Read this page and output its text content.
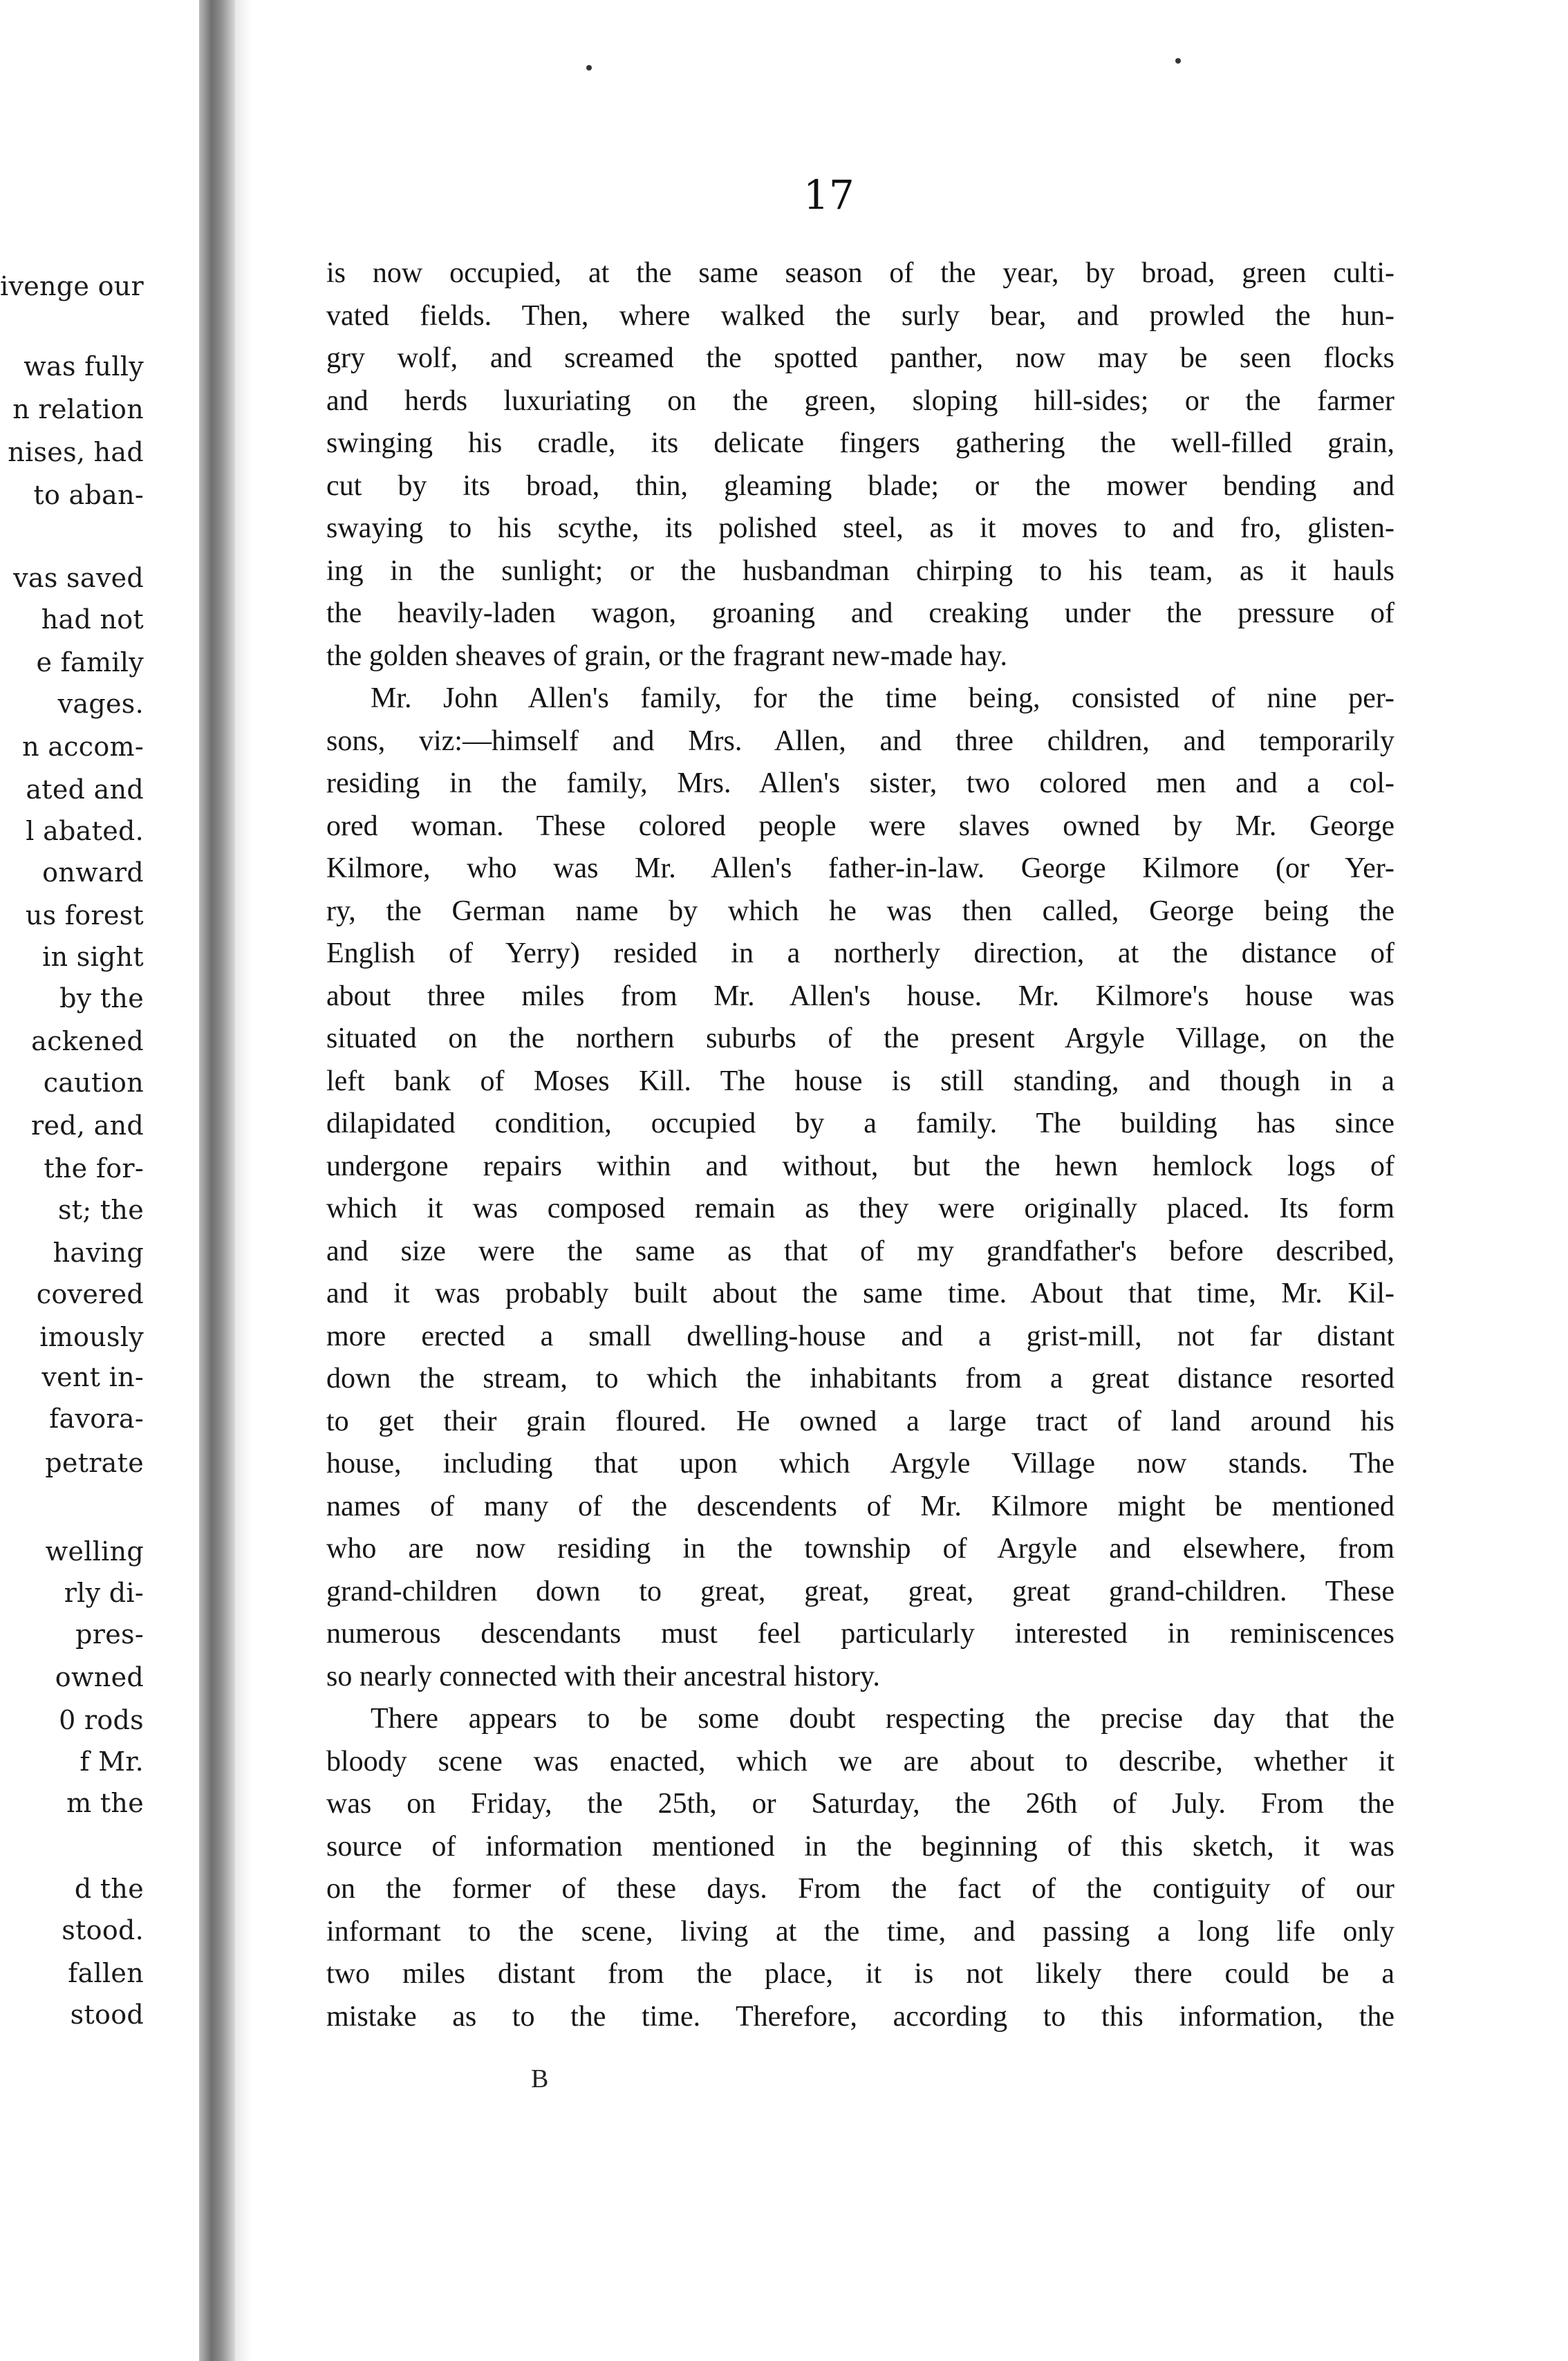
ivenge our
was fully
n relation
nises, had
to aban-
vas saved
had not
e family
vages.
n accom-
ated and
l abated.
onward
us forest
in sight
by the
ackened
caution
red, and
the for-
st; the
having
covered
imously
vent in-
favora-
petrate
welling
rly di-
pres-
owned
0 rods
f Mr.
m the
d the
stood.
fallen
stood
17
is now occupied, at the same season of the year, by broad, green culti-
vated fields. Then, where walked the surly bear, and prowled the hun-
gry wolf, and screamed the spotted panther, now may be seen flocks
and herds luxuriating on the green, sloping hill-sides; or the farmer
swinging his cradle, its delicate fingers gathering the well-filled grain,
cut by its broad, thin, gleaming blade; or the mower bending and
swaying to his scythe, its polished steel, as it moves to and fro, glisten-
ing in the sunlight; or the husbandman chirping to his team, as it hauls
the heavily-laden wagon, groaning and creaking under the pressure of
the golden sheaves of grain, or the fragrant new-made hay.
Mr. John Allen's family, for the time being, consisted of nine per-
sons, viz:—himself and Mrs. Allen, and three children, and temporarily
residing in the family, Mrs. Allen's sister, two colored men and a col-
ored woman. These colored people were slaves owned by Mr. George
Kilmore, who was Mr. Allen's father-in-law. George Kilmore (or Yer-
ry, the German name by which he was then called, George being the
English of Yerry) resided in a northerly direction, at the distance of
about three miles from Mr. Allen's house. Mr. Kilmore's house was
situated on the northern suburbs of the present Argyle Village, on the
left bank of Moses Kill. The house is still standing, and though in a
dilapidated condition, occupied by a family. The building has since
undergone repairs within and without, but the hewn hemlock logs of
which it was composed remain as they were originally placed. Its form
and size were the same as that of my grandfather's before described,
and it was probably built about the same time. About that time, Mr. Kil-
more erected a small dwelling-house and a grist-mill, not far distant
down the stream, to which the inhabitants from a great distance resorted
to get their grain floured. He owned a large tract of land around his
house, including that upon which Argyle Village now stands. The
names of many of the descendents of Mr. Kilmore might be mentioned
who are now residing in the township of Argyle and elsewhere, from
grand-children down to great, great, great, great grand-children. These
numerous descendants must feel particularly interested in reminiscences
so nearly connected with their ancestral history.
There appears to be some doubt respecting the precise day that the
bloody scene was enacted, which we are about to describe, whether it
was on Friday, the 25th, or Saturday, the 26th of July. From the
source of information mentioned in the beginning of this sketch, it was
on the former of these days. From the fact of the contiguity of our
informant to the scene, living at the time, and passing a long life only
two miles distant from the place, it is not likely there could be a
mistake as to the time. Therefore, according to this information, the
B
